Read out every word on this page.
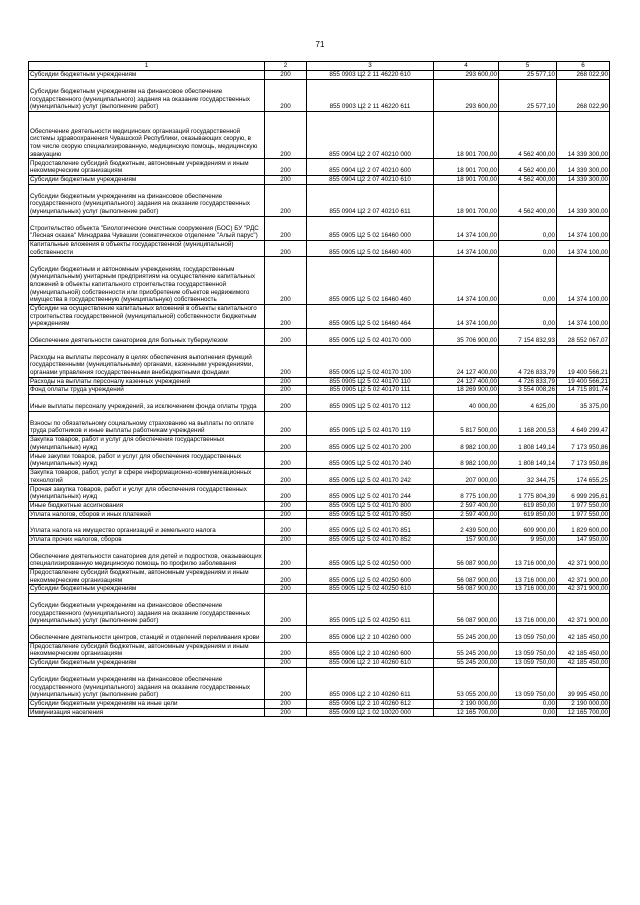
71
1	2	3	4	5	6
Субсидии бюджетным учреждениям	200	855 0903 Ц2 2 11 46220 610	293 600,00	25 577,10	268 022,90
Субсидии бюджетным учреждениям на финансовое обеспечение государственного (муниципального) задания на оказание государственных (муниципальных) услуг (выполнение работ)	200	855 0903 Ц2 2 11 46220 611	293 600,00	25 577,10	268 022,90
Обеспечение деятельности медицинских организаций государственной системы здравоохранения Чувашской Республики, оказывающих скорую, в том числе скорую специализированную, медицинскую помощь, медицинскую эвакуацию	200	855 0904 Ц2 2 07 40210 000	18 901 700,00	4 562 400,00	14 339 300,00
Предоставление субсидий бюджетным, автономным учреждениям и иным некоммерческим организациям	200	855 0904 Ц2 2 07 40210 600	18 901 700,00	4 562 400,00	14 339 300,00
Субсидии бюджетным учреждениям	200	855 0904 Ц2 2 07 40210 610	18 901 700,00	4 562 400,00	14 339 300,00
Субсидии бюджетным учреждениям на финансовое обеспечение государственного (муниципального) задания на оказание государственных (муниципальных) услуг (выполнение работ)	200	855 0904 Ц2 2 07 40210 611	18 901 700,00	4 562 400,00	14 339 300,00
Строительство объекта "Биологические очистные сооружения (БОС) БУ "РДС "Лесная сказка" Минздрава Чувашии (соматическое отделение "Алый парус")	200	855 0905 Ц2 5 02 16460 000	14 374 100,00	0,00	14 374 100,00
Капитальные вложения в объекты государственной (муниципальной) собственности	200	855 0905 Ц2 5 02 16460 400	14 374 100,00	0,00	14 374 100,00
Субсидии бюджетным и автономным учреждениям, государственным (муниципальным) унитарным предприятиям на осуществление капитальных вложений в объекты капитального строительства государственной (муниципальной) собственности или приобретение объектов недвижимого имущества в государственную (муниципальную) собственность	200	855 0905 Ц2 5 02 16460 460	14 374 100,00	0,00	14 374 100,00
Субсидии на осуществление капитальных вложений в объекты капитального строительства государственной (муниципальной) собственности бюджетным учреждениям	200	855 0905 Ц2 5 02 16460 464	14 374 100,00	0,00	14 374 100,00
Обеспечение деятельности санаториев для больных туберкулезом	200	855 0905 Ц2 5 02 40170 000	35 706 900,00	7 154 832,93	28 552 067,07
Расходы на выплаты персоналу в целях обеспечения выполнения функций государственными (муниципальными) органами, казенными учреждениями, органами управления государственными внебюджетными фондами	200	855 0905 Ц2 5 02 40170 100	24 127 400,00	4 726 833,79	19 400 566,21
Расходы на выплаты персоналу казенных учреждений	200	855 0905 Ц2 5 02 40170 110	24 127 400,00	4 726 833,79	19 400 566,21
Фонд оплаты труда учреждений	200	855 0905 Ц2 5 02 40170 111	18 269 900,00	3 554 008,26	14 715 891,74
Иные выплаты персоналу учреждений, за исключением фонда оплаты труда	200	855 0905 Ц2 5 02 40170 112	40 000,00	4 625,00	35 375,00
Взносы по обязательному социальному страхованию на выплаты по оплате труда работников и иные выплаты работникам учреждений	200	855 0905 Ц2 5 02 40170 119	5 817 500,00	1 168 200,53	4 649 299,47
Закупка товаров, работ и услуг для обеспечения государственных (муниципальных) нужд	200	855 0905 Ц2 5 02 40170 200	8 982 100,00	1 808 149,14	7 173 950,86
Иные закупки товаров, работ и услуг для обеспечения государственных (муниципальных) нужд	200	855 0905 Ц2 5 02 40170 240	8 982 100,00	1 808 149,14	7 173 950,86
Закупка товаров, работ, услуг в сфере информационно-коммуникационных технологий	200	855 0905 Ц2 5 02 40170 242	207 000,00	32 344,75	174 655,25
Прочая закупка товаров, работ и услуг для обеспечения государственных (муниципальных) нужд	200	855 0905 Ц2 5 02 40170 244	8 775 100,00	1 775 804,39	6 999 295,61
Иные бюджетные ассигнования	200	855 0905 Ц2 5 02 40170 800	2 597 400,00	619 850,00	1 977 550,00
Уплата налогов, сборов и иных платежей	200	855 0905 Ц2 5 02 40170 850	2 597 400,00	619 850,00	1 977 550,00
Уплата налога на имущество организаций и земельного налога	200	855 0905 Ц2 5 02 40170 851	2 439 500,00	609 900,00	1 829 600,00
Уплата прочих налогов, сборов	200	855 0905 Ц2 5 02 40170 852	157 900,00	9 950,00	147 950,00
Обеспечение деятельности санаториев для детей и подростков, оказывающих специализированную медицинскую помощь по профилю заболевания	200	855 0905 Ц2 5 02 40250 000	56 087 900,00	13 716 000,00	42 371 900,00
Предоставление субсидий бюджетным, автономным учреждениям и иным некоммерческим организациям	200	855 0905 Ц2 5 02 40250 600	56 087 900,00	13 716 000,00	42 371 900,00
Субсидии бюджетным учреждениям	200	855 0905 Ц2 5 02 40250 610	56 087 900,00	13 716 000,00	42 371 900,00
Субсидии бюджетным учреждениям на финансовое обеспечение государственного (муниципального) задания на оказание государственных (муниципальных) услуг (выполнение работ)	200	855 0905 Ц2 5 02 40250 611	56 087 900,00	13 716 000,00	42 371 900,00
Обеспечение деятельности центров, станций и отделений переливания крови	200	855 0906 Ц2 2 10 40260 000	55 245 200,00	13 059 750,00	42 185 450,00
Предоставление субсидий бюджетным, автономным учреждениям и иным некоммерческим организациям	200	855 0906 Ц2 2 10 40260 600	55 245 200,00	13 059 750,00	42 185 450,00
Субсидии бюджетным учреждениям	200	855 0906 Ц2 2 10 40260 610	55 245 200,00	13 059 750,00	42 185 450,00
Субсидии бюджетным учреждениям на финансовое обеспечение государственного (муниципального) задания на оказание государственных (муниципальных) услуг (выполнение работ)	200	855 0906 Ц2 2 10 40260 611	53 055 200,00	13 059 750,00	39 995 450,00
Субсидии бюджетным учреждениям на иные цели	200	855 0906 Ц2 2 10 40260 612	2 190 000,00	0,00	2 190 000,00
Иммунизация населения	200	855 0909 Ц2 1 02 10020 000	12 165 700,00	0,00	12 165 700,00
